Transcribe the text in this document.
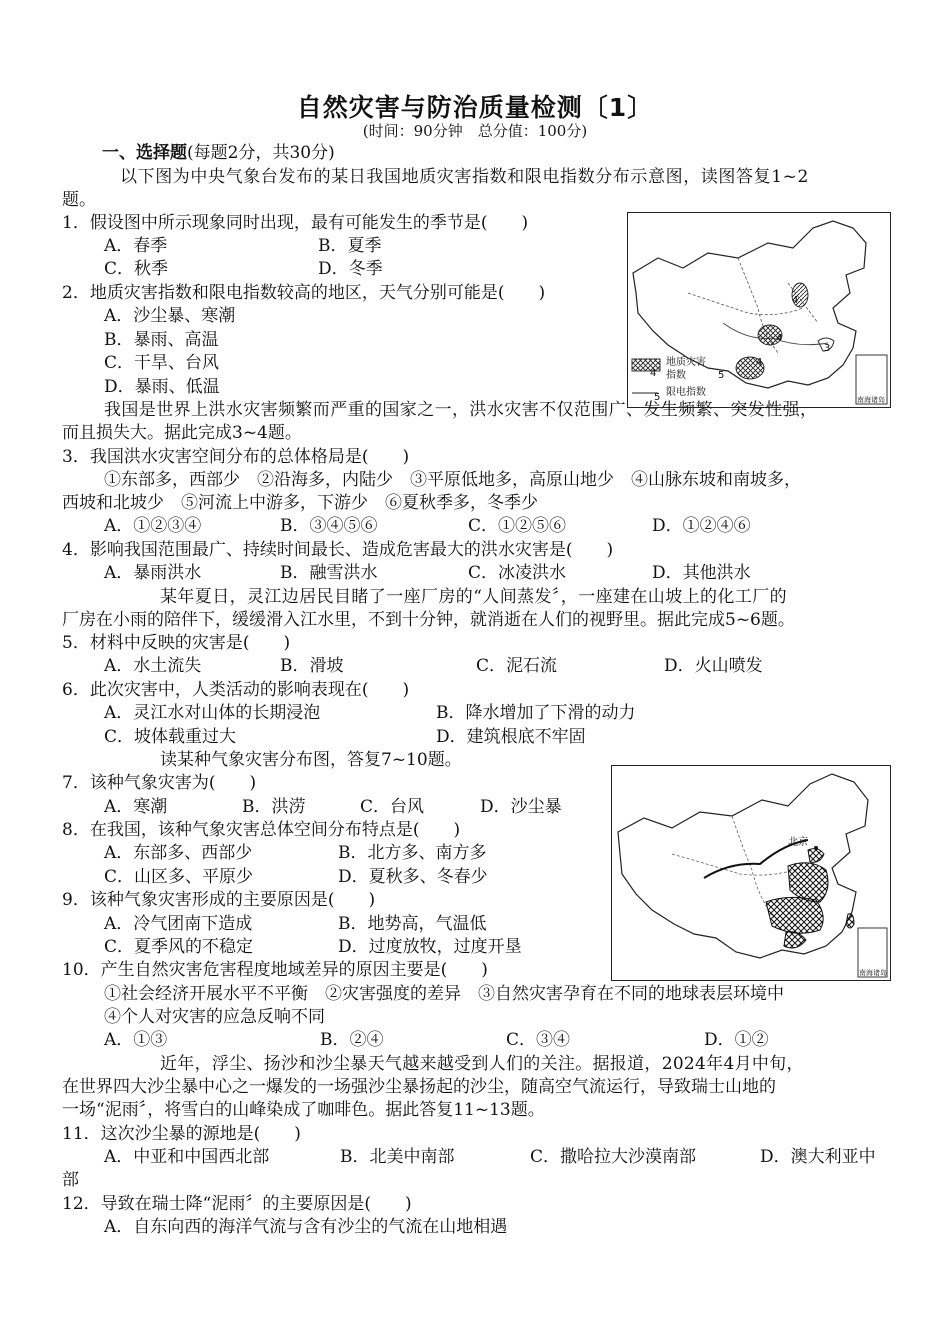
自然灾害与防治质量检测〔1〕
(时间：90分钟　总分值：100分)
一、选择题(每题2分，共30分)
以下图为中央气象台发布的某日我国地质灾害指数和限电指数分布示意图，读图答复1~2
题。
1．假设图中所示现象同时出现，最有可能发生的季节是(　　)
A．春季	B．夏季
C．秋季	D．冬季
2．地质灾害指数和限电指数较高的地区，天气分别可能是(　　)
A．沙尘暴、寒潮
B．暴雨、高温
C．干旱、台风
D．暴雨、低温
4
4
4
3
5
4
地质灾害
指数
5 限电指数
南海诸岛
我国是世界上洪水灾害频繁而严重的国家之一，洪水灾害不仅范围广、发生频繁、突发性强，
而且损失大。据此完成3~4题。
3．我国洪水灾害空间分布的总体格局是(　　)
①东部多，西部少　②沿海多，内陆少　③平原低地多，高原山地少　④山脉东坡和南坡多，
西坡和北坡少　⑤河流上中游多，下游少　⑥夏秋季多，冬季少
A．①②③④	B．③④⑤⑥	C．①②⑤⑥	D．①②④⑥
4．影响我国范围最广、持续时间最长、造成危害最大的洪水灾害是(　　)
A．暴雨洪水	B．融雪洪水	C．冰凌洪水	D．其他洪水
某年夏日，灵江边居民目睹了一座厂房的“人间蒸发〞，一座建在山坡上的化工厂的
厂房在小雨的陪伴下，缓缓滑入江水里，不到十分钟，就消逝在人们的视野里。据此完成5~6题。
5．材料中反映的灾害是(　　)
A．水土流失	B．滑坡	C．泥石流	D．火山喷发
6．此次灾害中，人类活动的影响表现在(　　)
A．灵江水对山体的长期浸泡	B．降水增加了下滑的动力
C．坡体载重过大	D．建筑根底不牢固
读某种气象灾害分布图，答复7~10题。
7．该种气象灾害为(　　)
A．寒潮	B．洪涝	C．台风	D．沙尘暴
8．在我国，该种气象灾害总体空间分布特点是(　　)
A．东部多、西部少	B．北方多、南方多
C．山区多、平原少	D．夏秋多、冬春少
9．该种气象灾害形成的主要原因是(　　)
A．冷气团南下造成	B．地势高，气温低
C．夏季风的不稳定	D．过度放牧，过度开垦
北京
南海诸岛
10．产生自然灾害危害程度地域差异的原因主要是(　　)
①社会经济开展水平不平衡　②灾害强度的差异　③自然灾害孕育在不同的地球表层环境中
④个人对灾害的应急反响不同
A．①③	B．②④	C．③④	D．①②
近年，浮尘、扬沙和沙尘暴天气越来越受到人们的关注。据报道，2024年4月中旬，
在世界四大沙尘暴中心之一爆发的一场强沙尘暴扬起的沙尘，随高空气流运行，导致瑞士山地的
一场“泥雨〞，将雪白的山峰染成了咖啡色。据此答复11~13题。
11．这次沙尘暴的源地是(　　)
A．中亚和中国西北部	B．北美中南部	C．撒哈拉大沙漠南部	D．澳大利亚中
部
12．导致在瑞士降“泥雨〞的主要原因是(　　)
A．自东向西的海洋气流与含有沙尘的气流在山地相遇
